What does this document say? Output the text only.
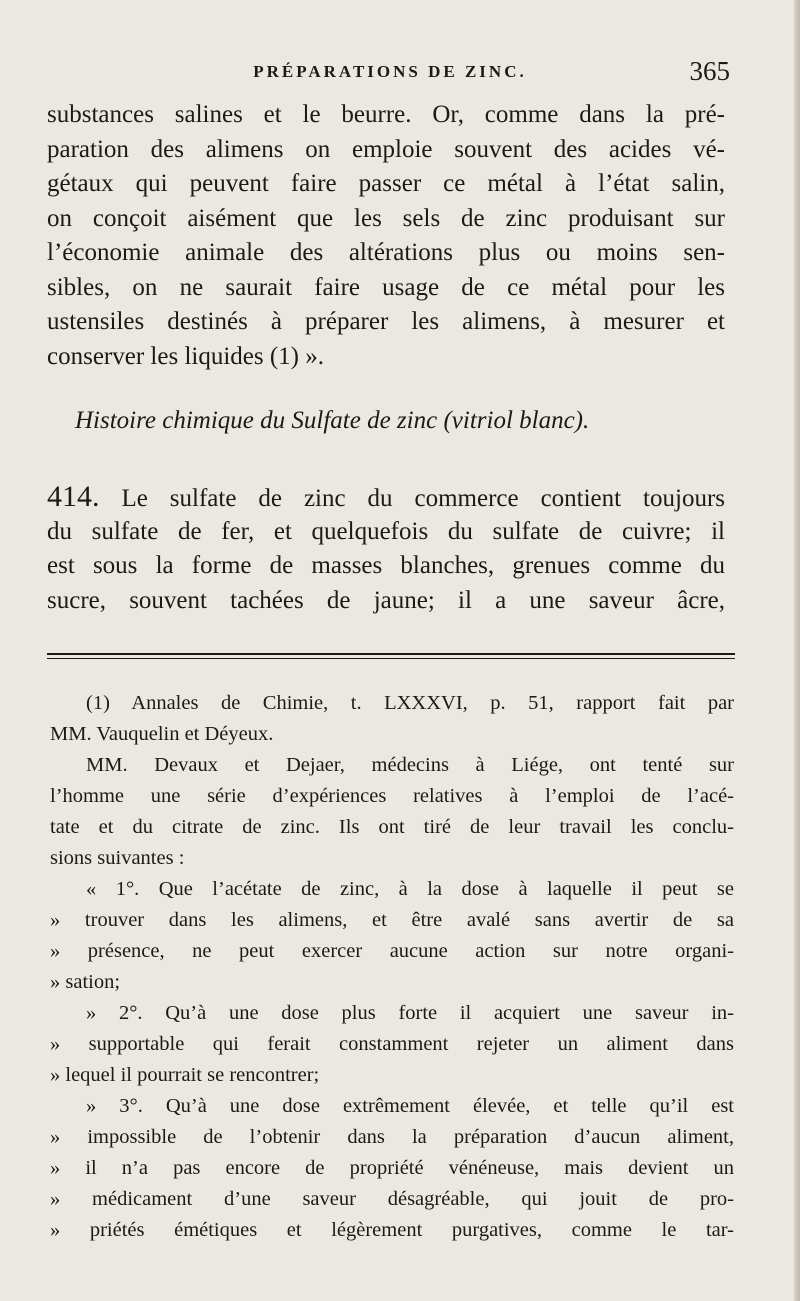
PRÉPARATIONS DE ZINC.	365
substances salines et le beurre. Or, comme dans la pré-
paration des alimens on emploie souvent des acides vé-
gétaux qui peuvent faire passer ce métal à l’état salin,
on conçoit aisément que les sels de zinc produisant sur
l’économie animale des altérations plus ou moins sen-
sibles, on ne saurait faire usage de ce métal pour les
ustensiles destinés à préparer les alimens, à mesurer et
conserver les liquides (1) ».
Histoire chimique du Sulfate de zinc (vitriol blanc).
414. Le sulfate de zinc du commerce contient toujours
du sulfate de fer, et quelquefois du sulfate de cuivre; il
est sous la forme de masses blanches, grenues comme du
sucre, souvent tachées de jaune; il a une saveur âcre,
(1) Annales de Chimie, t. LXXXVI, p. 51, rapport fait par
MM. Vauquelin et Déyeux.
MM. Devaux et Dejaer, médecins à Liége, ont tenté sur
l’homme une série d’expériences relatives à l’emploi de l’acé-
tate et du citrate de zinc. Ils ont tiré de leur travail les conclu-
sions suivantes :
« 1°. Que l’acétate de zinc, à la dose à laquelle il peut se
» trouver dans les alimens, et être avalé sans avertir de sa
» présence, ne peut exercer aucune action sur notre organi-
» sation;
» 2°. Qu’à une dose plus forte il acquiert une saveur in-
» supportable qui ferait constamment rejeter un aliment dans
» lequel il pourrait se rencontrer;
» 3°. Qu’à une dose extrêmement élevée, et telle qu’il est
» impossible de l’obtenir dans la préparation d’aucun aliment,
» il n’a pas encore de propriété vénéneuse, mais devient un
» médicament d’une saveur désagréable, qui jouit de pro-
» priétés émétiques et légèrement purgatives, comme le tar-
